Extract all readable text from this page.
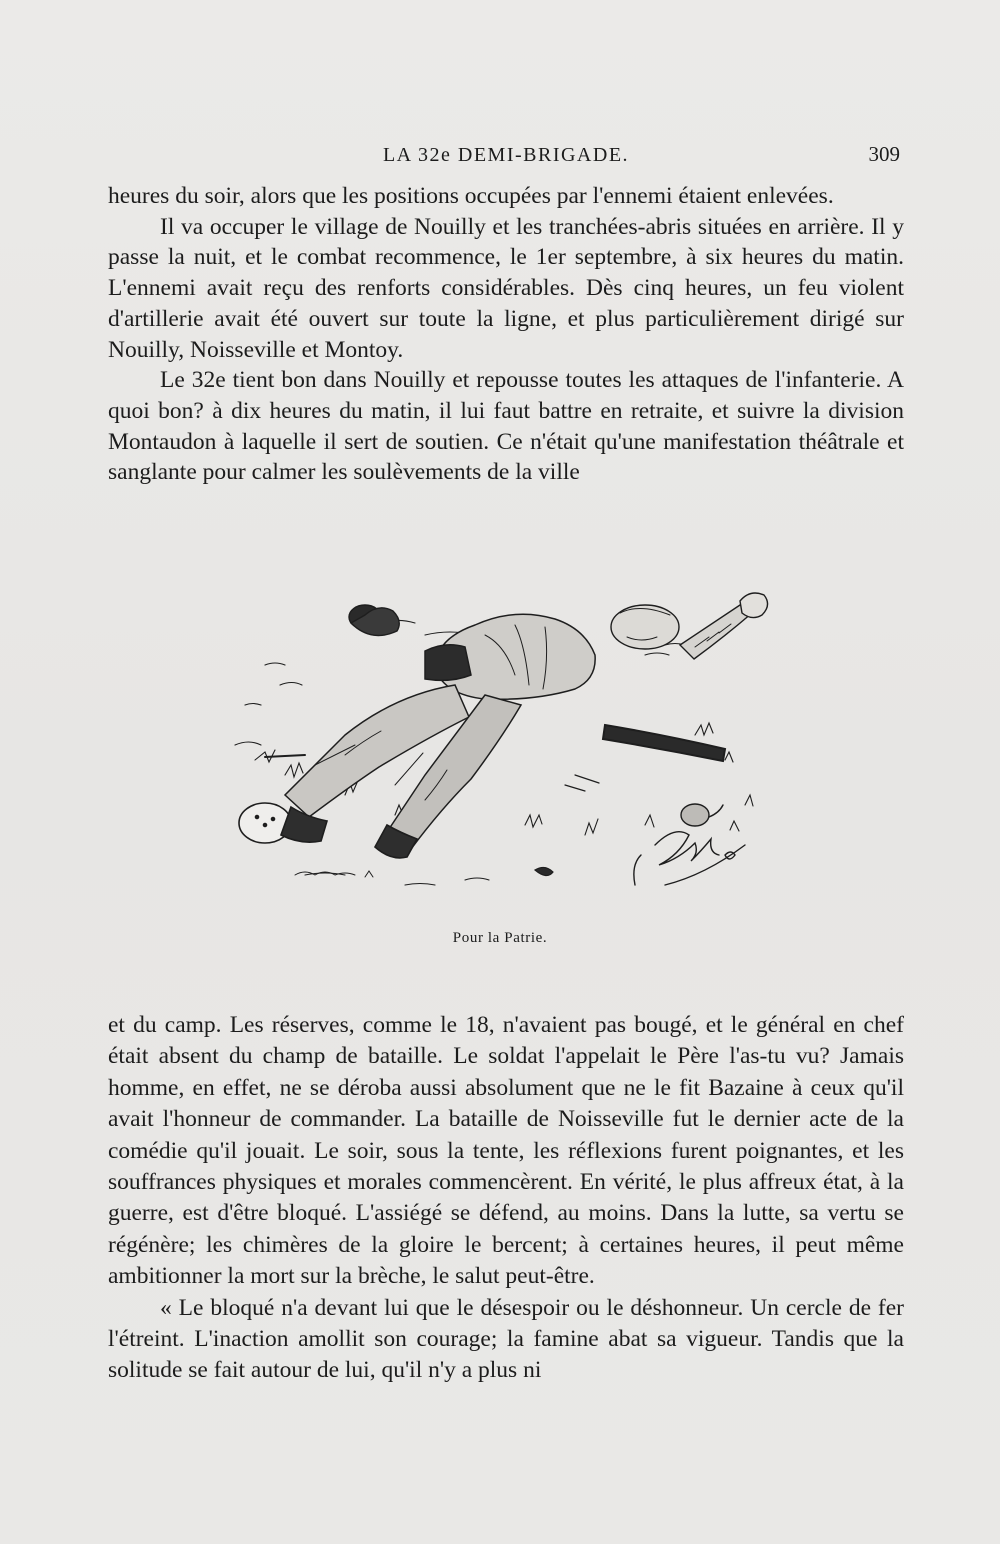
LA 32e DEMI-BRIGADE.	309

heures du soir, alors que les positions occupées par l'ennemi étaient enlevées.

Il va occuper le village de Nouilly et les tranchées-abris situées en arrière. Il y passe la nuit, et le combat recommence, le 1er septembre, à six heures du matin. L'ennemi avait reçu des renforts considérables. Dès cinq heures, un feu violent d'artillerie avait été ouvert sur toute la ligne, et plus particulièrement dirigé sur Nouilly, Noisseville et Montoy.

Le 32e tient bon dans Nouilly et repousse toutes les attaques de l'infanterie. A quoi bon? à dix heures du matin, il lui faut battre en retraite, et suivre la division Montaudon à laquelle il sert de soutien. Ce n'était qu'une manifestation théâtrale et sanglante pour calmer les soulèvements de la ville

Pour la Patrie.

et du camp. Les réserves, comme le 18, n'avaient pas bougé, et le général en chef était absent du champ de bataille. Le soldat l'appelait le Père l'as-tu vu? Jamais homme, en effet, ne se déroba aussi absolument que ne le fit Bazaine à ceux qu'il avait l'honneur de commander. La bataille de Noisseville fut le dernier acte de la comédie qu'il jouait. Le soir, sous la tente, les réflexions furent poignantes, et les souffrances physiques et morales commencèrent. En vérité, le plus affreux état, à la guerre, est d'être bloqué. L'assiégé se défend, au moins. Dans la lutte, sa vertu se régénère; les chimères de la gloire le bercent; à certaines heures, il peut même ambitionner la mort sur la brèche, le salut peut-être.

« Le bloqué n'a devant lui que le désespoir ou le déshonneur. Un cercle de fer l'étreint. L'inaction amollit son courage; la famine abat sa vigueur. Tandis que la solitude se fait autour de lui, qu'il n'y a plus ni
